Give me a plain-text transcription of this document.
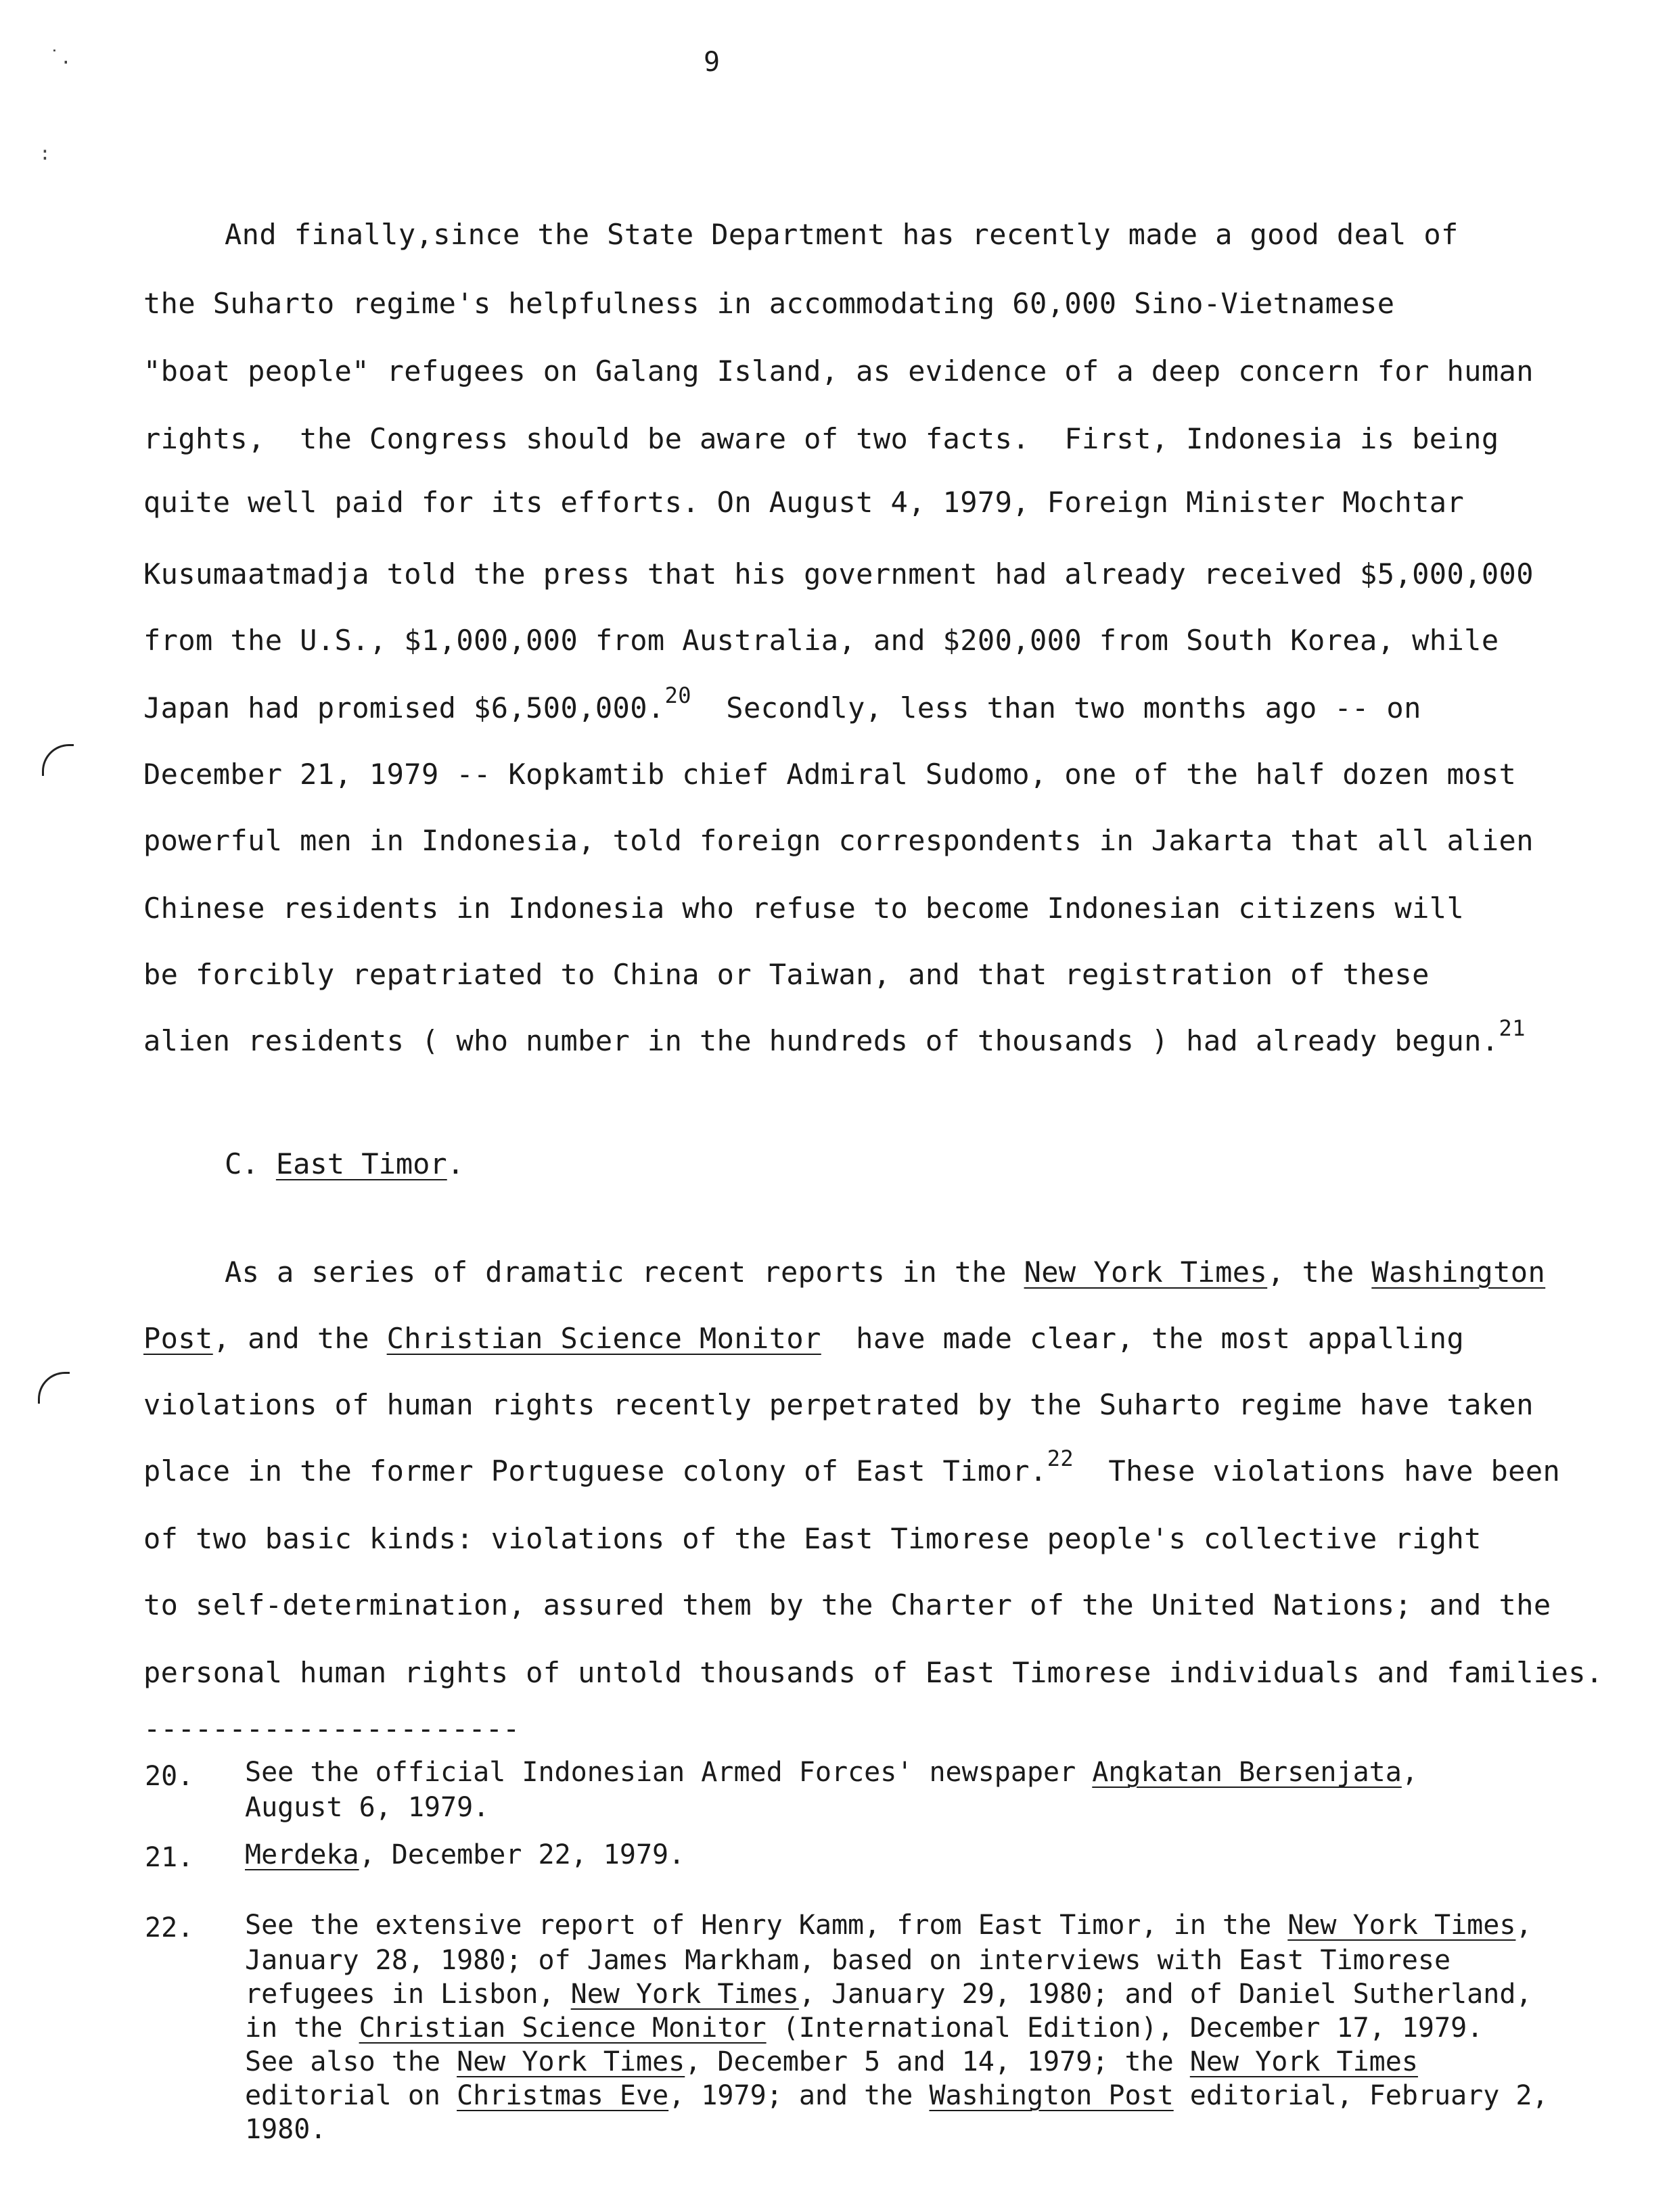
˙.
:
9
And finally,since the State Department has recently made a good deal of
the Suharto regime's helpfulness in accommodating 60,000 Sino-Vietnamese
"boat people" refugees on Galang Island, as evidence of a deep concern for human
rights,  the Congress should be aware of two facts.  First, Indonesia is being
quite well paid for its efforts. On August 4, 1979, Foreign Minister Mochtar
Kusumaatmadja told the press that his government had already received $5,000,000
from the U.S., $1,000,000 from Australia, and $200,000 from South Korea, while
Japan had promised $6,500,000.20  Secondly, less than two months ago -- on
December 21, 1979 -- Kopkamtib chief Admiral Sudomo, one of the half dozen most
powerful men in Indonesia, told foreign correspondents in Jakarta that all alien
Chinese residents in Indonesia who refuse to become Indonesian citizens will
be forcibly repatriated to China or Taiwan, and that registration of these
alien residents ( who number in the hundreds of thousands ) had already begun.$^{21}$
C. East Timor.
As a series of dramatic recent reports in the New York Times, the Washington
Post, and the Christian Science Monitor  have made clear, the most appalling
violations of human rights recently perpetrated by the Suharto regime have taken
place in the former Portuguese colony of East Timor.$^{22}$  These violations have been
of two basic kinds: violations of the East Timorese people's collective right
to self-determination, assured them by the Charter of the United Nations; and the
personal human rights of untold thousands of East Timorese individuals and families.
----------------------
20. See the official Indonesian Armed Forces' newspaper Angkatan Bersenjata,
August 6, 1979.
21. Merdeka, December 22, 1979.
22. See the extensive report of Henry Kamm, from East Timor, in the New York Times,
January 28, 1980; of James Markham, based on interviews with East Timorese
refugees in Lisbon, New York Times, January 29, 1980; and of Daniel Sutherland,
in the Christian Science Monitor (International Edition), December 17, 1979.
See also the New York Times, December 5 and 14, 1979; the New York Times
editorial on Christmas Eve, 1979; and the Washington Post editorial, February 2,
1980.
